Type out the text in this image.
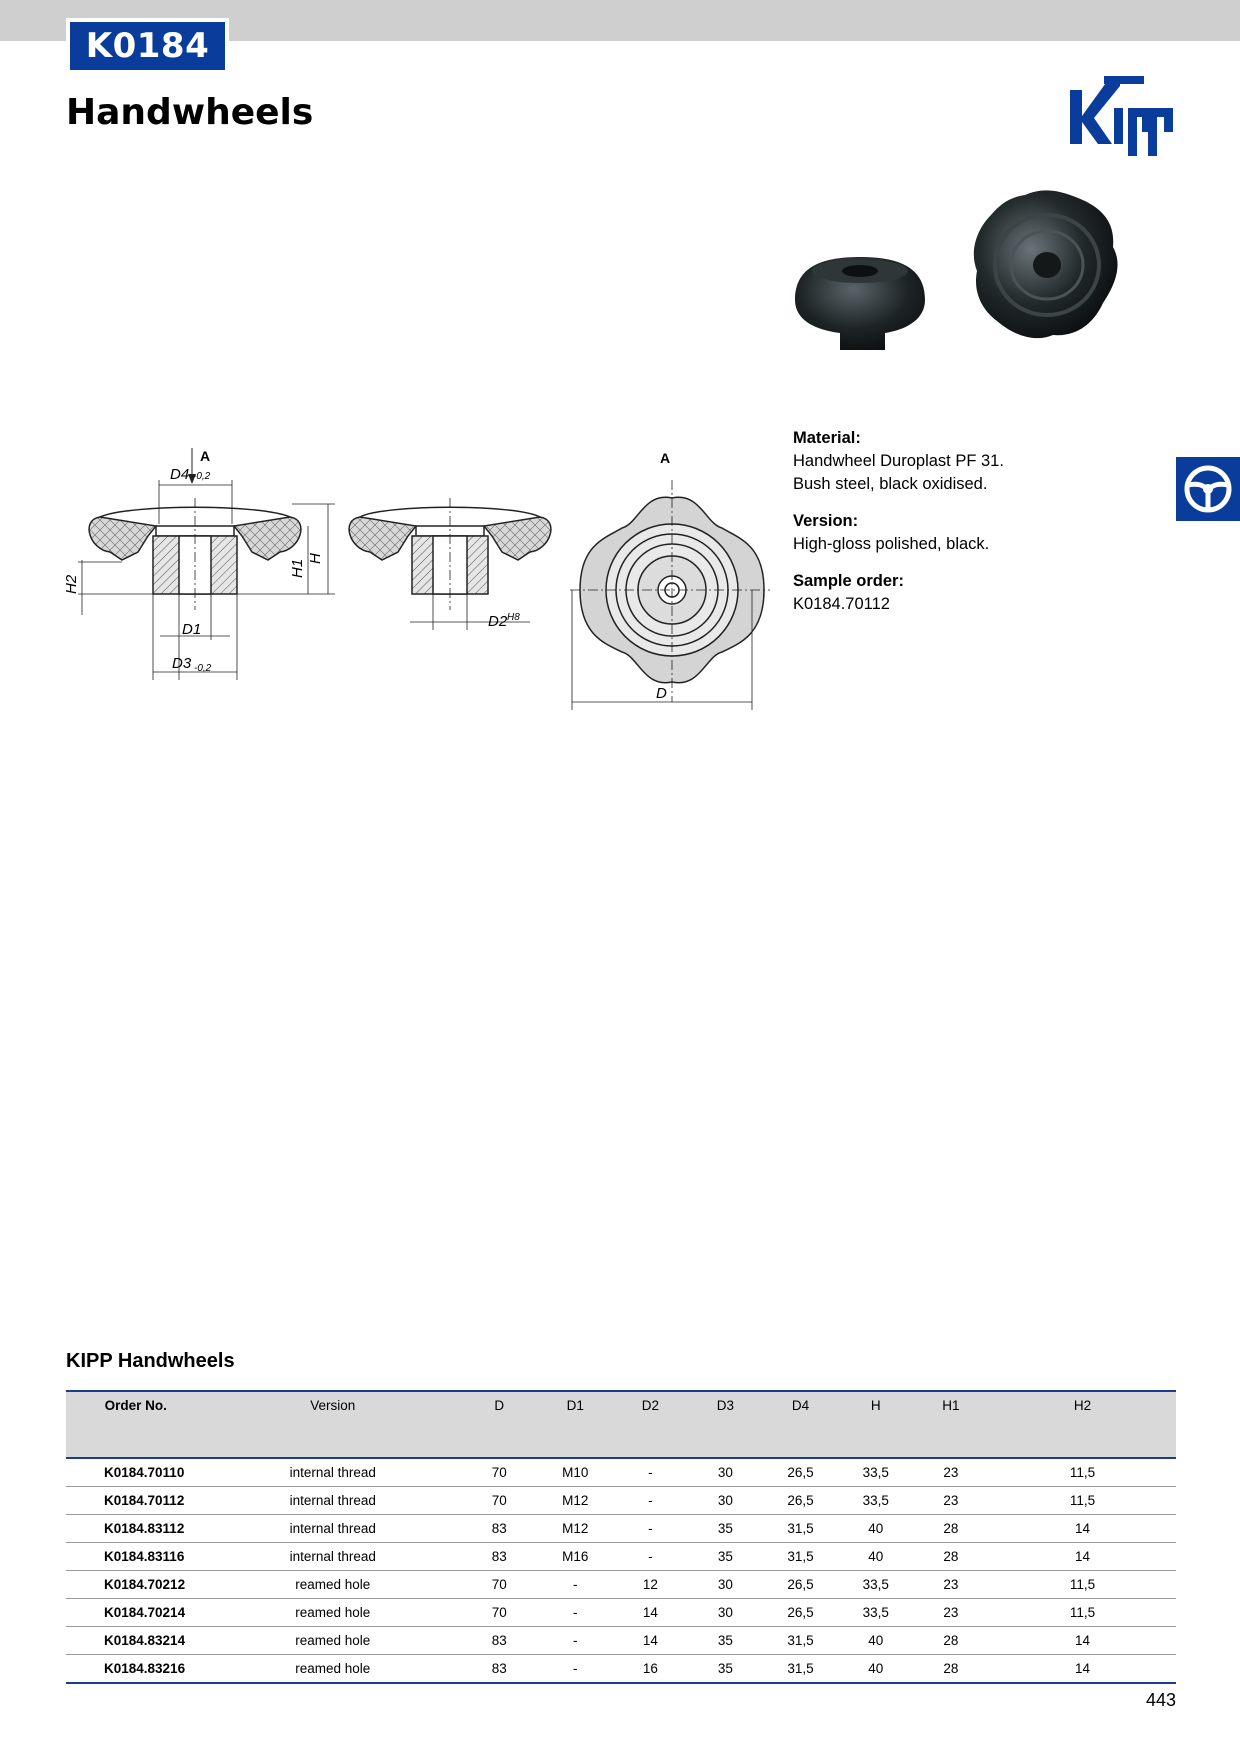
K0184
Handwheels
A
D4 -0,2
D1
D3 -0,2
H
H1
H2
D2 H8
A
D
Material:
Handwheel Duroplast PF 31.
Bush steel, black oxidised.
Version:
High-gloss polished, black.
Sample order:
K0184.70112
KIPP Handwheels
Order No.	Version	D	D1	D2	D3	D4	H	H1	H2
K0184.70110	internal thread	70	M10	-	30	26,5	33,5	23	11,5
K0184.70112	internal thread	70	M12	-	30	26,5	33,5	23	11,5
K0184.83112	internal thread	83	M12	-	35	31,5	40	28	14
K0184.83116	internal thread	83	M16	-	35	31,5	40	28	14
K0184.70212	reamed hole	70	-	12	30	26,5	33,5	23	11,5
K0184.70214	reamed hole	70	-	14	30	26,5	33,5	23	11,5
K0184.83214	reamed hole	83	-	14	35	31,5	40	28	14
K0184.83216	reamed hole	83	-	16	35	31,5	40	28	14
443
